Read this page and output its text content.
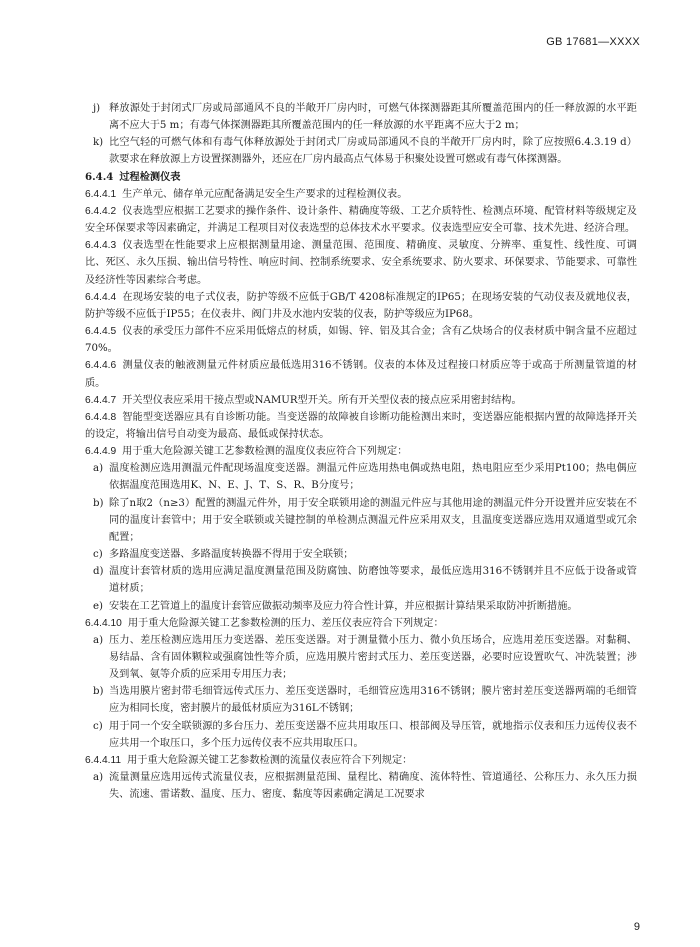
GB 17681—XXXX

j) 释放源处于封闭式厂房或局部通风不良的半敞开厂房内时，可燃气体探测器距其所覆盖范围内的任一释放源的水平距离不应大于5 m；有毒气体探测器距其所覆盖范围内的任一释放源的水平距离不应大于2 m；

k) 比空气轻的可燃气体和有毒气体释放源处于封闭式厂房或局部通风不良的半敞开厂房内时，除了应按照6.4.3.19 d）款要求在释放源上方设置探测器外，还应在厂房内最高点气体易于积聚处设置可燃或有毒气体探测器。

6.4.4 过程检测仪表

6.4.4.1 生产单元、储存单元应配备满足安全生产要求的过程检测仪表。

6.4.4.2 仪表选型应根据工艺要求的操作条件、设计条件、精确度等级、工艺介质特性、检测点环境、配管材料等级规定及安全环保要求等因素确定，并满足工程项目对仪表选型的总体技术水平要求。仪表选型应安全可靠、技术先进、经济合理。

6.4.4.3 仪表选型在性能要求上应根据测量用途、测量范围、范围度、精确度、灵敏度、分辨率、重复性、线性度、可调比、死区、永久压损、输出信号特性、响应时间、控制系统要求、安全系统要求、防火要求、环保要求、节能要求、可靠性及经济性等因素综合考虑。

6.4.4.4 在现场安装的电子式仪表，防护等级不应低于GB/T 4208标准规定的IP65；在现场安装的气动仪表及就地仪表，防护等级不应低于IP55；在仪表井、阀门井及水池内安装的仪表，防护等级应为IP68。

6.4.4.5 仪表的承受压力部件不应采用低熔点的材质，如锡、锌、铝及其合金；含有乙炔场合的仪表材质中铜含量不应超过70%。

6.4.4.6 测量仪表的触液测量元件材质应最低选用316不锈钢。仪表的本体及过程接口材质应等于或高于所测量管道的材质。

6.4.4.7 开关型仪表应采用干接点型或NAMUR型开关。所有开关型仪表的接点应采用密封结构。

6.4.4.8 智能型变送器应具有自诊断功能。当变送器的故障被自诊断功能检测出来时，变送器应能根据内置的故障选择开关的设定，将输出信号自动变为最高、最低或保持状态。

6.4.4.9 用于重大危险源关键工艺参数检测的温度仪表应符合下列规定：

a) 温度检测应选用测温元件配现场温度变送器。测温元件应选用热电偶或热电阻，热电阻应至少采用Pt100；热电偶应依据温度范围选用K、N、E、J、T、S、R、B分度号；

b) 除了n取2（n≥3）配置的测温元件外，用于安全联锁用途的测温元件应与其他用途的测温元件分开设置并应安装在不同的温度计套管中；用于安全联锁或关键控制的单检测点测温元件应采用双支，且温度变送器应选用双通道型或冗余配置；

c) 多路温度变送器、多路温度转换器不得用于安全联锁；

d) 温度计套管材质的选用应满足温度测量范围及防腐蚀、防磨蚀等要求，最低应选用316不锈钢并且不应低于设备或管道材质；

e) 安装在工艺管道上的温度计套管应做振动频率及应力符合性计算，并应根据计算结果采取防冲折断措施。

6.4.4.10 用于重大危险源关键工艺参数检测的压力、差压仪表应符合下列规定：

a) 压力、差压检测应选用压力变送器、差压变送器。对于测量微小压力、微小负压场合，应选用差压变送器。对黏稠、易结晶、含有固体颗粒或强腐蚀性等介质，应选用膜片密封式压力、差压变送器，必要时应设置吹气、冲洗装置；涉及到氧、氨等介质的应采用专用压力表；

b) 当选用膜片密封带毛细管远传式压力、差压变送器时，毛细管应选用316不锈钢；膜片密封差压变送器两端的毛细管应为相同长度，密封膜片的最低材质应为316L不锈钢；

c) 用于同一个安全联锁源的多台压力、差压变送器不应共用取压口、根部阀及导压管，就地指示仪表和压力远传仪表不应共用一个取压口，多个压力远传仪表不应共用取压口。

6.4.4.11 用于重大危险源关键工艺参数检测的流量仪表应符合下列规定：

a) 流量测量应选用远传式流量仪表，应根据测量范围、量程比、精确度、流体特性、管道通径、公称压力、永久压力损失、流速、雷诺数、温度、压力、密度、黏度等因素确定满足工况要求

9
